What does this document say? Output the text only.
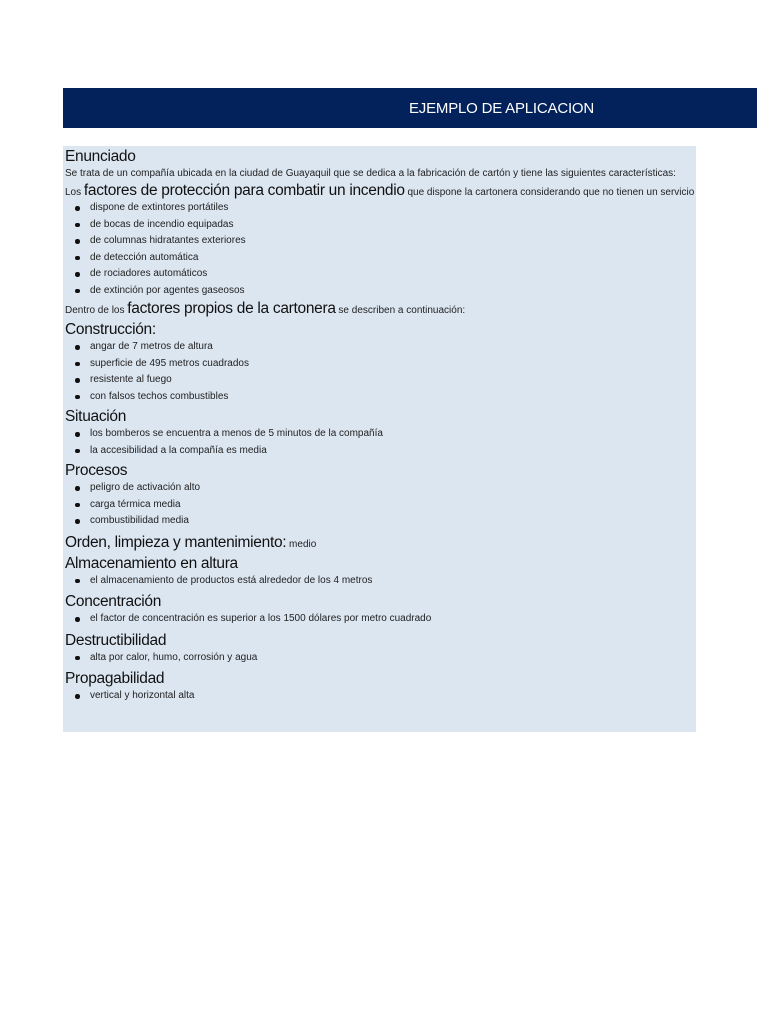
EJEMPLO DE APLICACION
Enunciado
Se trata de un compañía ubicada en la ciudad de Guayaquil que se dedica a la fabricación de cartón y tiene las siguientes características:
Los factores de protección para combatir un incendio que dispone la cartonera considerando que no tienen un servicio
dispone de extintores portátiles
de bocas de incendio equipadas
de columnas hidratantes exteriores
de detección automática
de rociadores automáticos
de extinción por agentes gaseosos
Dentro de los factores propios de la cartonera se describen a continuación:
Construcción:
angar de 7 metros de altura
superficie de 495 metros cuadrados
resistente al fuego
con falsos techos combustibles
Situación
los bomberos se encuentra a menos de 5 minutos de la compañía
la accesibilidad a la compañía es media
Procesos
peligro de activación alto
carga térmica media
combustibilidad media
Orden, limpieza y mantenimiento: medio
Almacenamiento en altura
el almacenamiento de productos está alrededor de los 4 metros
Concentración
el factor de concentración es superior a los 1500 dólares por metro cuadrado
Destructibilidad
alta por calor, humo, corrosión y agua
Propagabilidad
vertical y horizontal alta
